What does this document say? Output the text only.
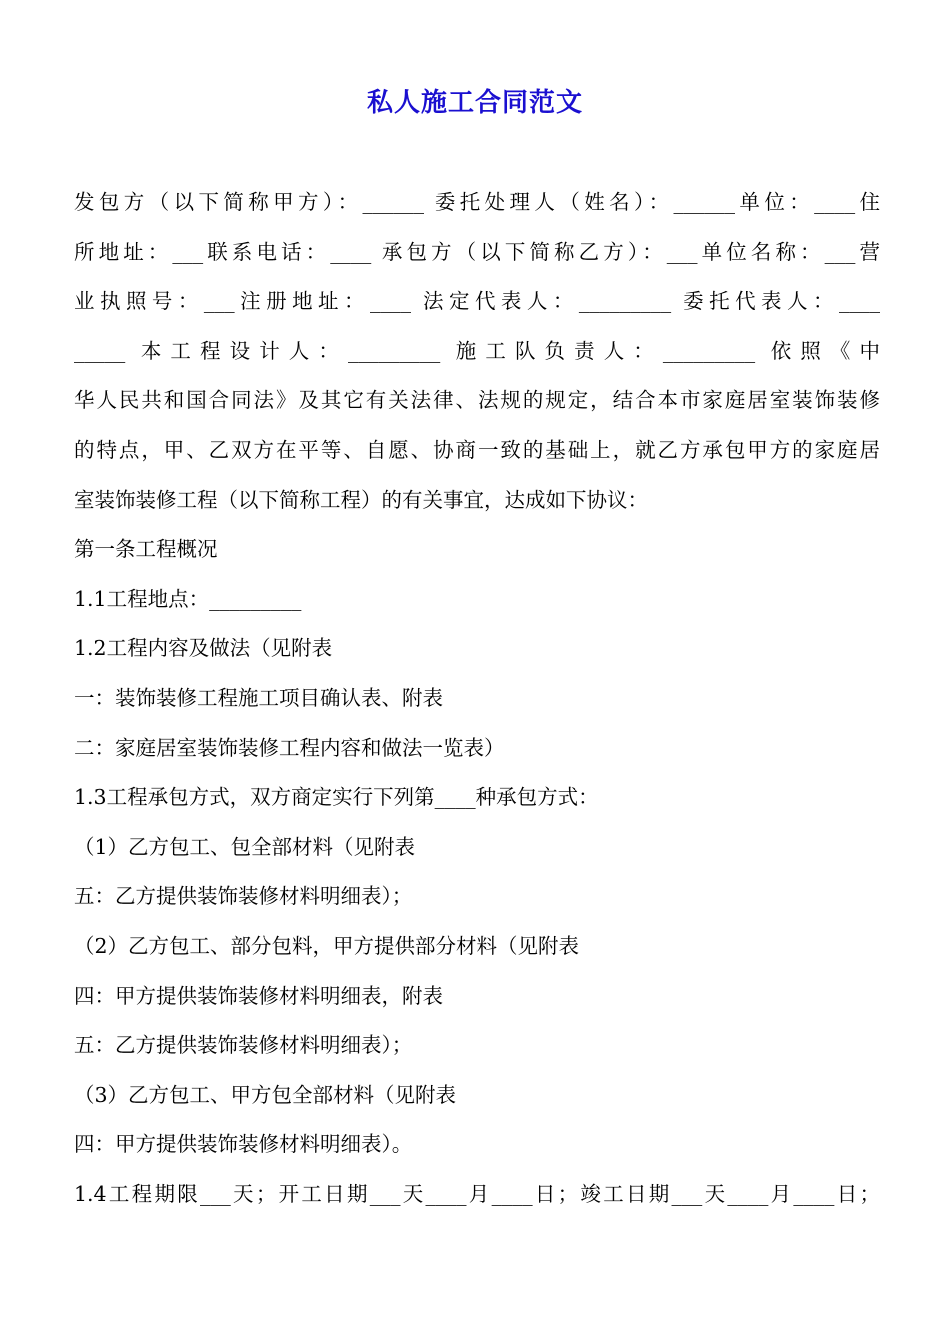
私人施工合同范文
发包方（以下简称甲方）：______ 委托处理人（姓名）：______单位：____住
所地址：___联系电话：____ 承包方（以下简称乙方）：___单位名称：___营
业执照号：___注册地址：____ 法定代表人：_________ 委托代表人：____
_____ 本工程设计人：_________ 施工队负责人：_________ 依照《中
华人民共和国合同法》及其它有关法律、法规的规定，结合本市家庭居室装饰装修
的特点，甲、乙双方在平等、自愿、协商一致的基础上，就乙方承包甲方的家庭居
室装饰装修工程（以下简称工程）的有关事宜，达成如下协议：
第一条工程概况
1.1工程地点：_________
1.2工程内容及做法（见附表
一：装饰装修工程施工项目确认表、附表
二：家庭居室装饰装修工程内容和做法一览表）
1.3工程承包方式，双方商定实行下列第____种承包方式：
（1）乙方包工、包全部材料（见附表
五：乙方提供装饰装修材料明细表）；
（2）乙方包工、部分包料，甲方提供部分材料（见附表
四：甲方提供装饰装修材料明细表，附表
五：乙方提供装饰装修材料明细表）；
（3）乙方包工、甲方包全部材料（见附表
四：甲方提供装饰装修材料明细表）。
1.4工程期限___天；开工日期___天____月____日；竣工日期___天____月____日；
